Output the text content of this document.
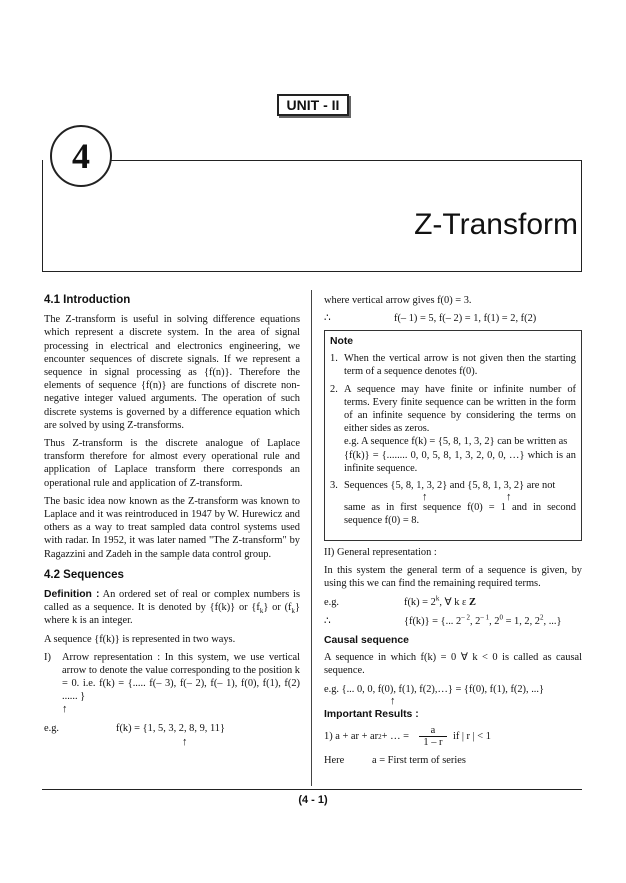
UNIT - II
4
Z-Transform
4.1 Introduction

The Z-transform is useful in solving difference equations which represent a discrete system. In the area of signal processing in electrical and electronics engineering, we encounter sequences of discrete signals. If we represent a sequence in signal processing as {f(n)}. Therefore the elements of sequence {f(n)} are functions of discrete non-negative integer valued arguments. The operation of such discrete systems is governed by a difference equation which are solved by using Z-transforms.

Thus Z-transform is the discrete analogue of Laplace transform therefore for almost every operational rule and application of Laplace transform there corresponds an operational rule and application of Z-transform.

The basic idea now known as the Z-transform was known to Laplace and it was reintroduced in 1947 by W. Hurewicz and others as a way to treat sampled data control systems used with radar. In 1952, it was later named "The Z-transform" by Ragazzini and Zadeh in the sample data control group.

4.2 Sequences

Definition : An ordered set of real or complex numbers is called as a sequence. It is denoted by {f(k)} or $\{f_k\}$ or $(f_k\}$ where k is an integer.

A sequence {f(k)} is represented in two ways.

I)	Arrow representation : In this system, we use vertical arrow to denote the value corresponding to the position k = 0. i.e. f(k) = {..... f(– 3), f(– 2), f(– 1), f(0), f(1), f(2) ...... }
↑
e.g.	f(k) = {1, 5, 3, 2, 8, 9, 11}
↑

where vertical arrow gives f(0) = 3.

∴	f(– 1) = 5, f(– 2) = 1, f(1) = 2, f(2)
Note
1. When the vertical arrow is not given then the starting term of a sequence denotes f(0).
2. A sequence may have finite or infinite number of terms. Every finite sequence can be written in the form of an infinite sequence by considering the terms on either sides as zeros.
e.g. A sequence f(k) = {5, 8, 1, 3, 2} can be written as
{f(k)} = {........ 0, 0, 5, 8, 1, 3, 2, 0, 0, …} which is an infinite sequence.
3. Sequences {5, 8, 1, 3, 2} and {5, 8, 1, 3, 2} are not
↑	↑
same as in first sequence f(0) = 1 and in second sequence f(0) = 8.

II) General representation :

In this system the general term of a sequence is given, by using this we can find the remaining required terms.

e.g.	$f(k) = 2^k$, ∀ k ε Z
∴	{f(k)} = {... $2^{- 2}$, $2^{- 1}$, $2^0 = 1$, 2, $2^2$, ...}
Causal sequence

A sequence in which f(k) = 0 ∀ k < 0 is called as causal sequence.

e.g. {... 0, 0, f(0), f(1), f(2),…} = {f(0), f(1), f(2), ...}
↑
Important Results :
1) a + ar + ar 2 + … =
a
1 – r
if | r | < 1
Here	a = First term of series
(4 - 1)
